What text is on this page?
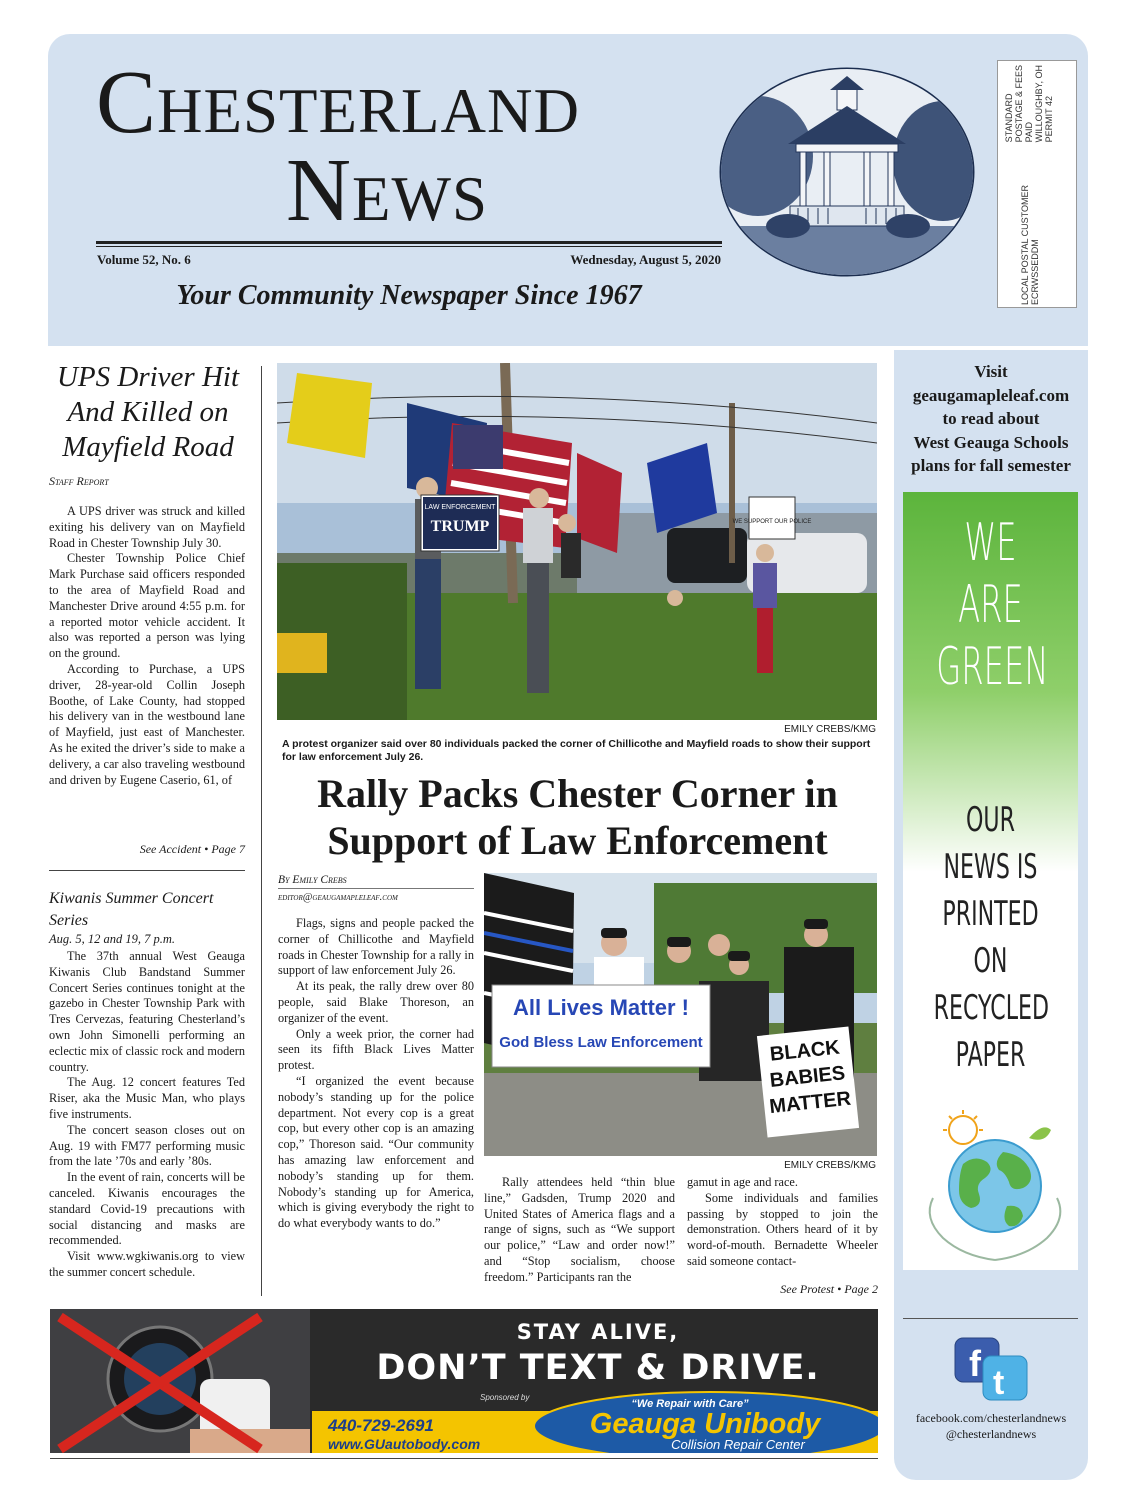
Chesterland
News
Volume 52, No. 6	Wednesday, August 5, 2020
Your Community Newspaper Since 1967
STANDARD POSTAGE & FEES PAID WILLOUGHBY, OH PERMIT 42
LOCAL POSTAL CUSTOMER ECRWSSEDDM
Visit
geaugamapleleaf.com
to read about
West Geauga Schools
plans for fall semester
WE
ARE
GREEN
OUR
NEWS IS
PRINTED
ON
RECYCLED
PAPER
f t
facebook.com/chesterlandnews
@chesterlandnews
UPS Driver Hit And Killed on Mayfield Road
Staff Report

A UPS driver was struck and killed exiting his delivery van on Mayfield Road in Chester Township July 30.

Chester Township Police Chief Mark Purchase said officers responded to the area of Mayfield Road and Manchester Drive around 4:55 p.m. for a reported motor vehicle accident. It also was reported a person was lying on the ground.

According to Purchase, a UPS driver, 28-year-old Collin Joseph Boothe, of Lake County, had stopped his delivery van in the westbound lane of Mayfield, just east of Manchester. As he exited the driver’s side to make a delivery, a car also traveling westbound and driven by Eugene Caserio, 61, of

See Accident • Page 7
Kiwanis Summer Concert Series
Aug. 5, 12 and 19, 7 p.m.

The 37th annual West Geauga Kiwanis Club Bandstand Summer Concert Series continues tonight at the gazebo in Chester Township Park with Tres Cervezas, featuring Chesterland’s own John Simonelli performing an eclectic mix of classic rock and modern country.

The Aug. 12 concert features Ted Riser, aka the Music Man, who plays five instruments.

The concert season closes out on Aug. 19 with FM77 performing music from the late ’70s and early ’80s.

In the event of rain, concerts will be canceled. Kiwanis encourages the standard Covid-19 precautions with social distancing and masks are recommended.

Visit www.wgkiwanis.org to view the summer concert schedule.

LAW ENFORCEMENT
TRUMP	WE SUPPORT OUR POLICE
EMILY CREBS/KMG
A protest organizer said over 80 individuals packed the corner of Chillicothe and Mayfield roads to show their support for law enforcement July 26.
Rally Packs Chester Corner in Support of Law Enforcement
By Emily Crebs
editor@geaugamapleleaf.com

Flags, signs and people packed the corner of Chillicothe and Mayfield roads in Chester Township for a rally in support of law enforcement July 26.

At its peak, the rally drew over 80 people, said Blake Thoreson, an organizer of the event.

Only a week prior, the corner had seen its fifth Black Lives Matter protest.

“I organized the event because nobody’s standing up for the police department. Not every cop is a great cop, but every other cop is an amazing cop,” Thoreson said. “Our community has amazing law enforcement and nobody’s standing up for them. Nobody’s standing up for America, which is giving everybody the right to do what everybody wants to do.”

All Lives Matter !
God Bless Law Enforcement	BLACK
BABIES
MATTER
EMILY CREBS/KMG

Rally attendees held “thin blue line,” Gadsden, Trump 2020 and United States of America flags and a range of signs, such as “We support our police,” “Law and order now!” and “Stop socialism, choose freedom.” Participants ran the

gamut in age and race.

Some individuals and families passing by stopped to join the demonstration. Others heard of it by word-of-mouth. Bernadette Wheeler said someone contact-

See Protest • Page 2
STAY ALIVE,
DON’T TEXT & DRIVE.
Sponsored by
440-729-2691
www.GUautobody.com
“We Repair with Care”
Geauga Unibody
Collision Repair Center
